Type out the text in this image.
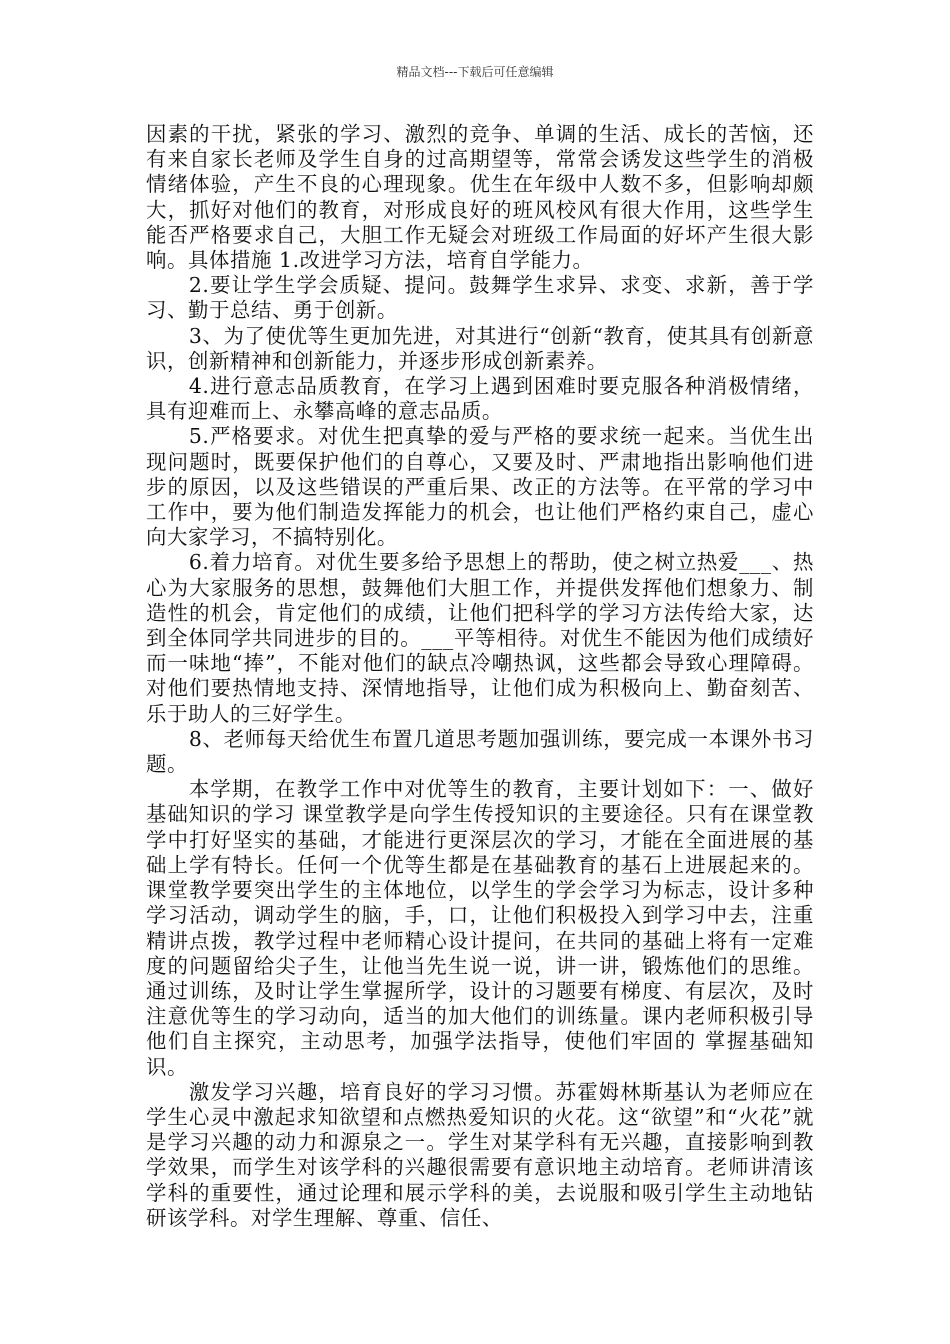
精品文档---下载后可任意编辑

因素的干扰，紧张的学习、激烈的竞争、单调的生活、成长的苦恼，还有来自家长老师及学生自身的过高期望等，常常会诱发这些学生的消极情绪体验，产生不良的心理现象。优生在年级中人数不多，但影响却颇大，抓好对他们的教育，对形成良好的班风校风有很大作用，这些学生能否严格要求自己，大胆工作无疑会对班级工作局面的好坏产生很大影响。具体措施 1.改进学习方法，培育自学能力。

2.要让学生学会质疑、提问。鼓舞学生求异、求变、求新，善于学习、勤于总结、勇于创新。

3、为了使优等生更加先进，对其进行“创新“教育，使其具有创新意识，创新精神和创新能力，并逐步形成创新素养。

4.进行意志品质教育，在学习上遇到困难时要克服各种消极情绪，具有迎难而上、永攀高峰的意志品质。

5.严格要求。对优生把真挚的爱与严格的要求统一起来。当优生出现问题时，既要保护他们的自尊心，又要及时、严肃地指出影响他们进步的原因，以及这些错误的严重后果、改正的方法等。在平常的学习中工作中，要为他们制造发挥能力的机会，也让他们严格约束自己，虚心向大家学习，不搞特别化。

6.着力培育。对优生要多给予思想上的帮助，使之树立热爱___、热心为大家服务的思想，鼓舞他们大胆工作，并提供发挥他们想象力、制造性的机会，肯定他们的成绩，让他们把科学的学习方法传给大家，达到全体同学共同进步的目的。___平等相待。对优生不能因为他们成绩好而一味地“捧”，不能对他们的缺点冷嘲热讽，这些都会导致心理障碍。对他们要热情地支持、深情地指导，让他们成为积极向上、勤奋刻苦、乐于助人的三好学生。

8、老师每天给优生布置几道思考题加强训练，要完成一本课外书习题。

本学期，在教学工作中对优等生的教育，主要计划如下：一、做好基础知识的学习 课堂教学是向学生传授知识的主要途径。只有在课堂教学中打好坚实的基础，才能进行更深层次的学习，才能在全面进展的基础上学有特长。任何一个优等生都是在基础教育的基石上进展起来的。课堂教学要突出学生的主体地位，以学生的学会学习为标志，设计多种学习活动，调动学生的脑，手，口，让他们积极投入到学习中去，注重精讲点拨，教学过程中老师精心设计提问，在共同的基础上将有一定难度的问题留给尖子生，让他当先生说一说，讲一讲，锻炼他们的思维。通过训练，及时让学生掌握所学，设计的习题要有梯度、有层次，及时注意优等生的学习动向，适当的加大他们的训练量。课内老师积极引导他们自主探究，主动思考，加强学法指导，使他们牢固的 掌握基础知识。

激发学习兴趣，培育良好的学习习惯。苏霍姆林斯基认为老师应在学生心灵中激起求知欲望和点燃热爱知识的火花。这“欲望”和“火花”就是学习兴趣的动力和源泉之一。学生对某学科有无兴趣，直接影响到教学效果，而学生对该学科的兴趣很需要有意识地主动培育。老师讲清该学科的重要性，通过论理和展示学科的美，去说服和吸引学生主动地钻研该学科。对学生理解、尊重、信任、
